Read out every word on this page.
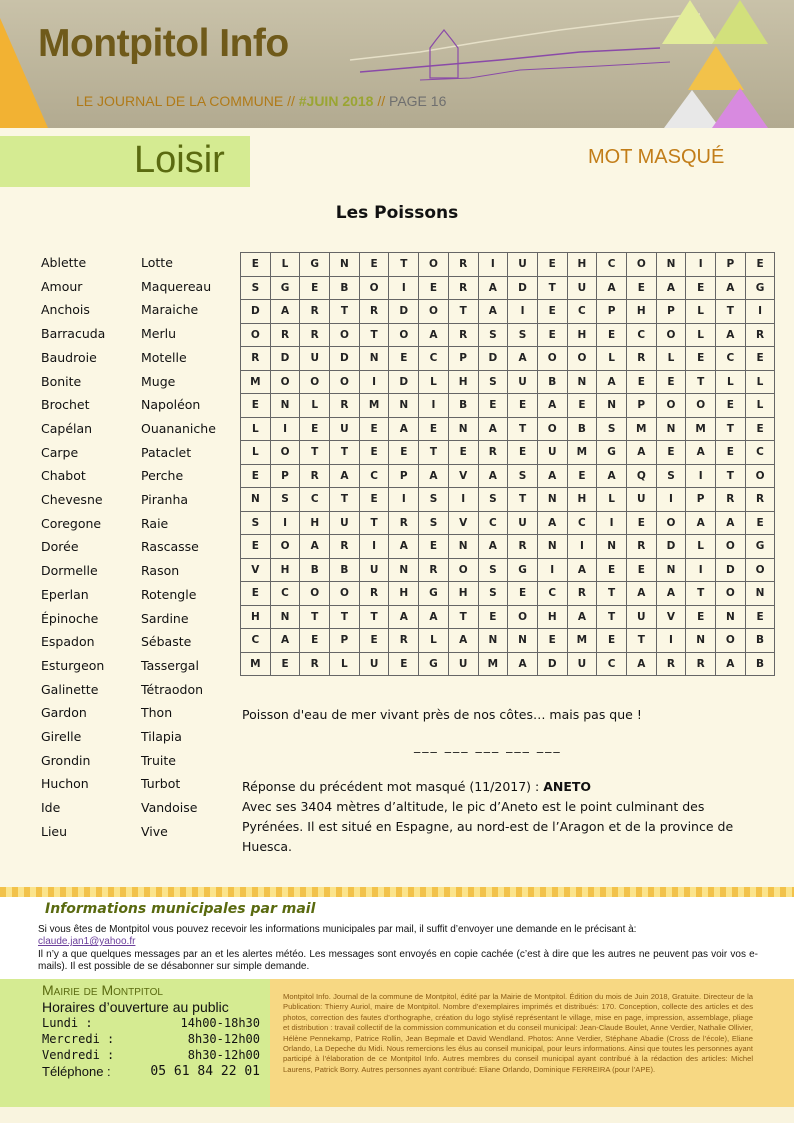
Montpitol Info
LE JOURNAL DE LA COMMUNE // #JUIN 2018 // PAGE 16
Loisir	MOT MASQUÉ
Les Poissons
Ablette
Amour
Anchois
Barracuda
Baudroie
Bonite
Brochet
Capélan
Carpe
Chabot
Chevesne
Coregone
Dorée
Dormelle
Eperlan
Épinoche
Espadon
Esturgeon
Galinette
Gardon
Girelle
Grondin
Huchon
Ide
Lieu
Lotte
Maquereau
Maraiche
Merlu
Motelle
Muge
Napoléon
Ouananiche
Pataclet
Perche
Piranha
Raie
Rascasse
Rason
Rotengle
Sardine
Sébaste
Tassergal
Tétraodon
Thon
Tilapia
Truite
Turbot
Vandoise
Vive
E	L	G	N	E	T	O	R	I	U	E	H	C	O	N	I	P	E
S	G	E	B	O	I	E	R	A	D	T	U	A	E	A	E	A	G
D	A	R	T	R	D	O	T	A	I	E	C	P	H	P	L	T	I
O	R	R	O	T	O	A	R	S	S	E	H	E	C	O	L	A	R
R	D	U	D	N	E	C	P	D	A	O	O	L	R	L	E	C	E
M	O	O	O	I	D	L	H	S	U	B	N	A	E	E	T	L	L
E	N	L	R	M	N	I	B	E	E	A	E	N	P	O	O	E	L
L	I	E	U	E	A	E	N	A	T	O	B	S	M	N	M	T	E
L	O	T	T	E	E	T	E	R	E	U	M	G	A	E	A	E	C
E	P	R	A	C	P	A	V	A	S	A	E	A	Q	S	I	T	O
N	S	C	T	E	I	S	I	S	T	N	H	L	U	I	P	R	R
S	I	H	U	T	R	S	V	C	U	A	C	I	E	O	A	A	E
E	O	A	R	I	A	E	N	A	R	N	I	N	R	D	L	O	G
V	H	B	B	U	N	R	O	S	G	I	A	E	E	N	I	D	O
E	C	O	O	R	H	G	H	S	E	C	R	T	A	A	T	O	N
H	N	T	T	T	A	A	T	E	O	H	A	T	U	V	E	N	E
C	A	E	P	E	R	L	A	N	N	E	M	E	T	I	N	O	B
M	E	R	L	U	E	G	U	M	A	D	U	C	A	R	R	A	B
Poisson d'eau de mer vivant près de nos côtes… mais pas que !
___ ___ ___ ___ ___
Réponse du précédent mot masqué (11/2017) : ANETO
Avec ses 3404 mètres d’altitude, le pic d’Aneto est le point culminant des
Pyrénées. Il est situé en Espagne, au nord-est de l’Aragon et de la province de
Huesca.
Informations municipales par mail
Si vous êtes de Montpitol vous pouvez recevoir les informations municipales par mail, il suffit d’envoyer une demande en le précisant à:
claude.jan1@yahoo.fr
Il n’y a que quelques messages par an et les alertes météo. Les messages sont envoyés en copie cachée (c’est à dire que les autres ne peuvent pas voir vos e-mails). Il est possible de se désabonner sur simple demande.
Mairie de Montpitol
Horaires d’ouverture au public
Lundi :	14h00-18h30
Mercredi :	8h30-12h00
Vendredi :	8h30-12h00
Téléphone :	05 61 84 22 01
Montpitol Info. Journal de la commune de Montpitol, édité par la Mairie de Montpitol. Édition du mois de Juin 2018, Gratuite. Directeur de la Publication: Thierry Auriol, maire de Montpitol. Nombre d’exemplaires imprimés et distribués: 170. Conception, collecte des articles et des photos, correction des fautes d’orthographe, création du logo stylisé représentant le village, mise en page, impression, assemblage, pliage et distribution : travail collectif de la commission communication et du conseil municipal: Jean-Claude Boulet, Anne Verdier, Nathalie Ollivier, Hélène Pennekamp, Patrice Rollin, Jean Bepmale et David Wendland. Photos: Anne Verdier, Stéphane Abadie (Cross de l’école), Eliane Orlando, La Depeche du Midi. Nous remercions les élus au conseil municipal, pour leurs informations. Ainsi que toutes les personnes ayant participé à l’élaboration de ce Montpitol Info. Autres membres du conseil municipal ayant contribué à la rédaction des articles: Michel Laurens, Patrick Borry. Autres personnes ayant contribué: Eliane Orlando, Dominique FERREIRA (pour l’APE).
